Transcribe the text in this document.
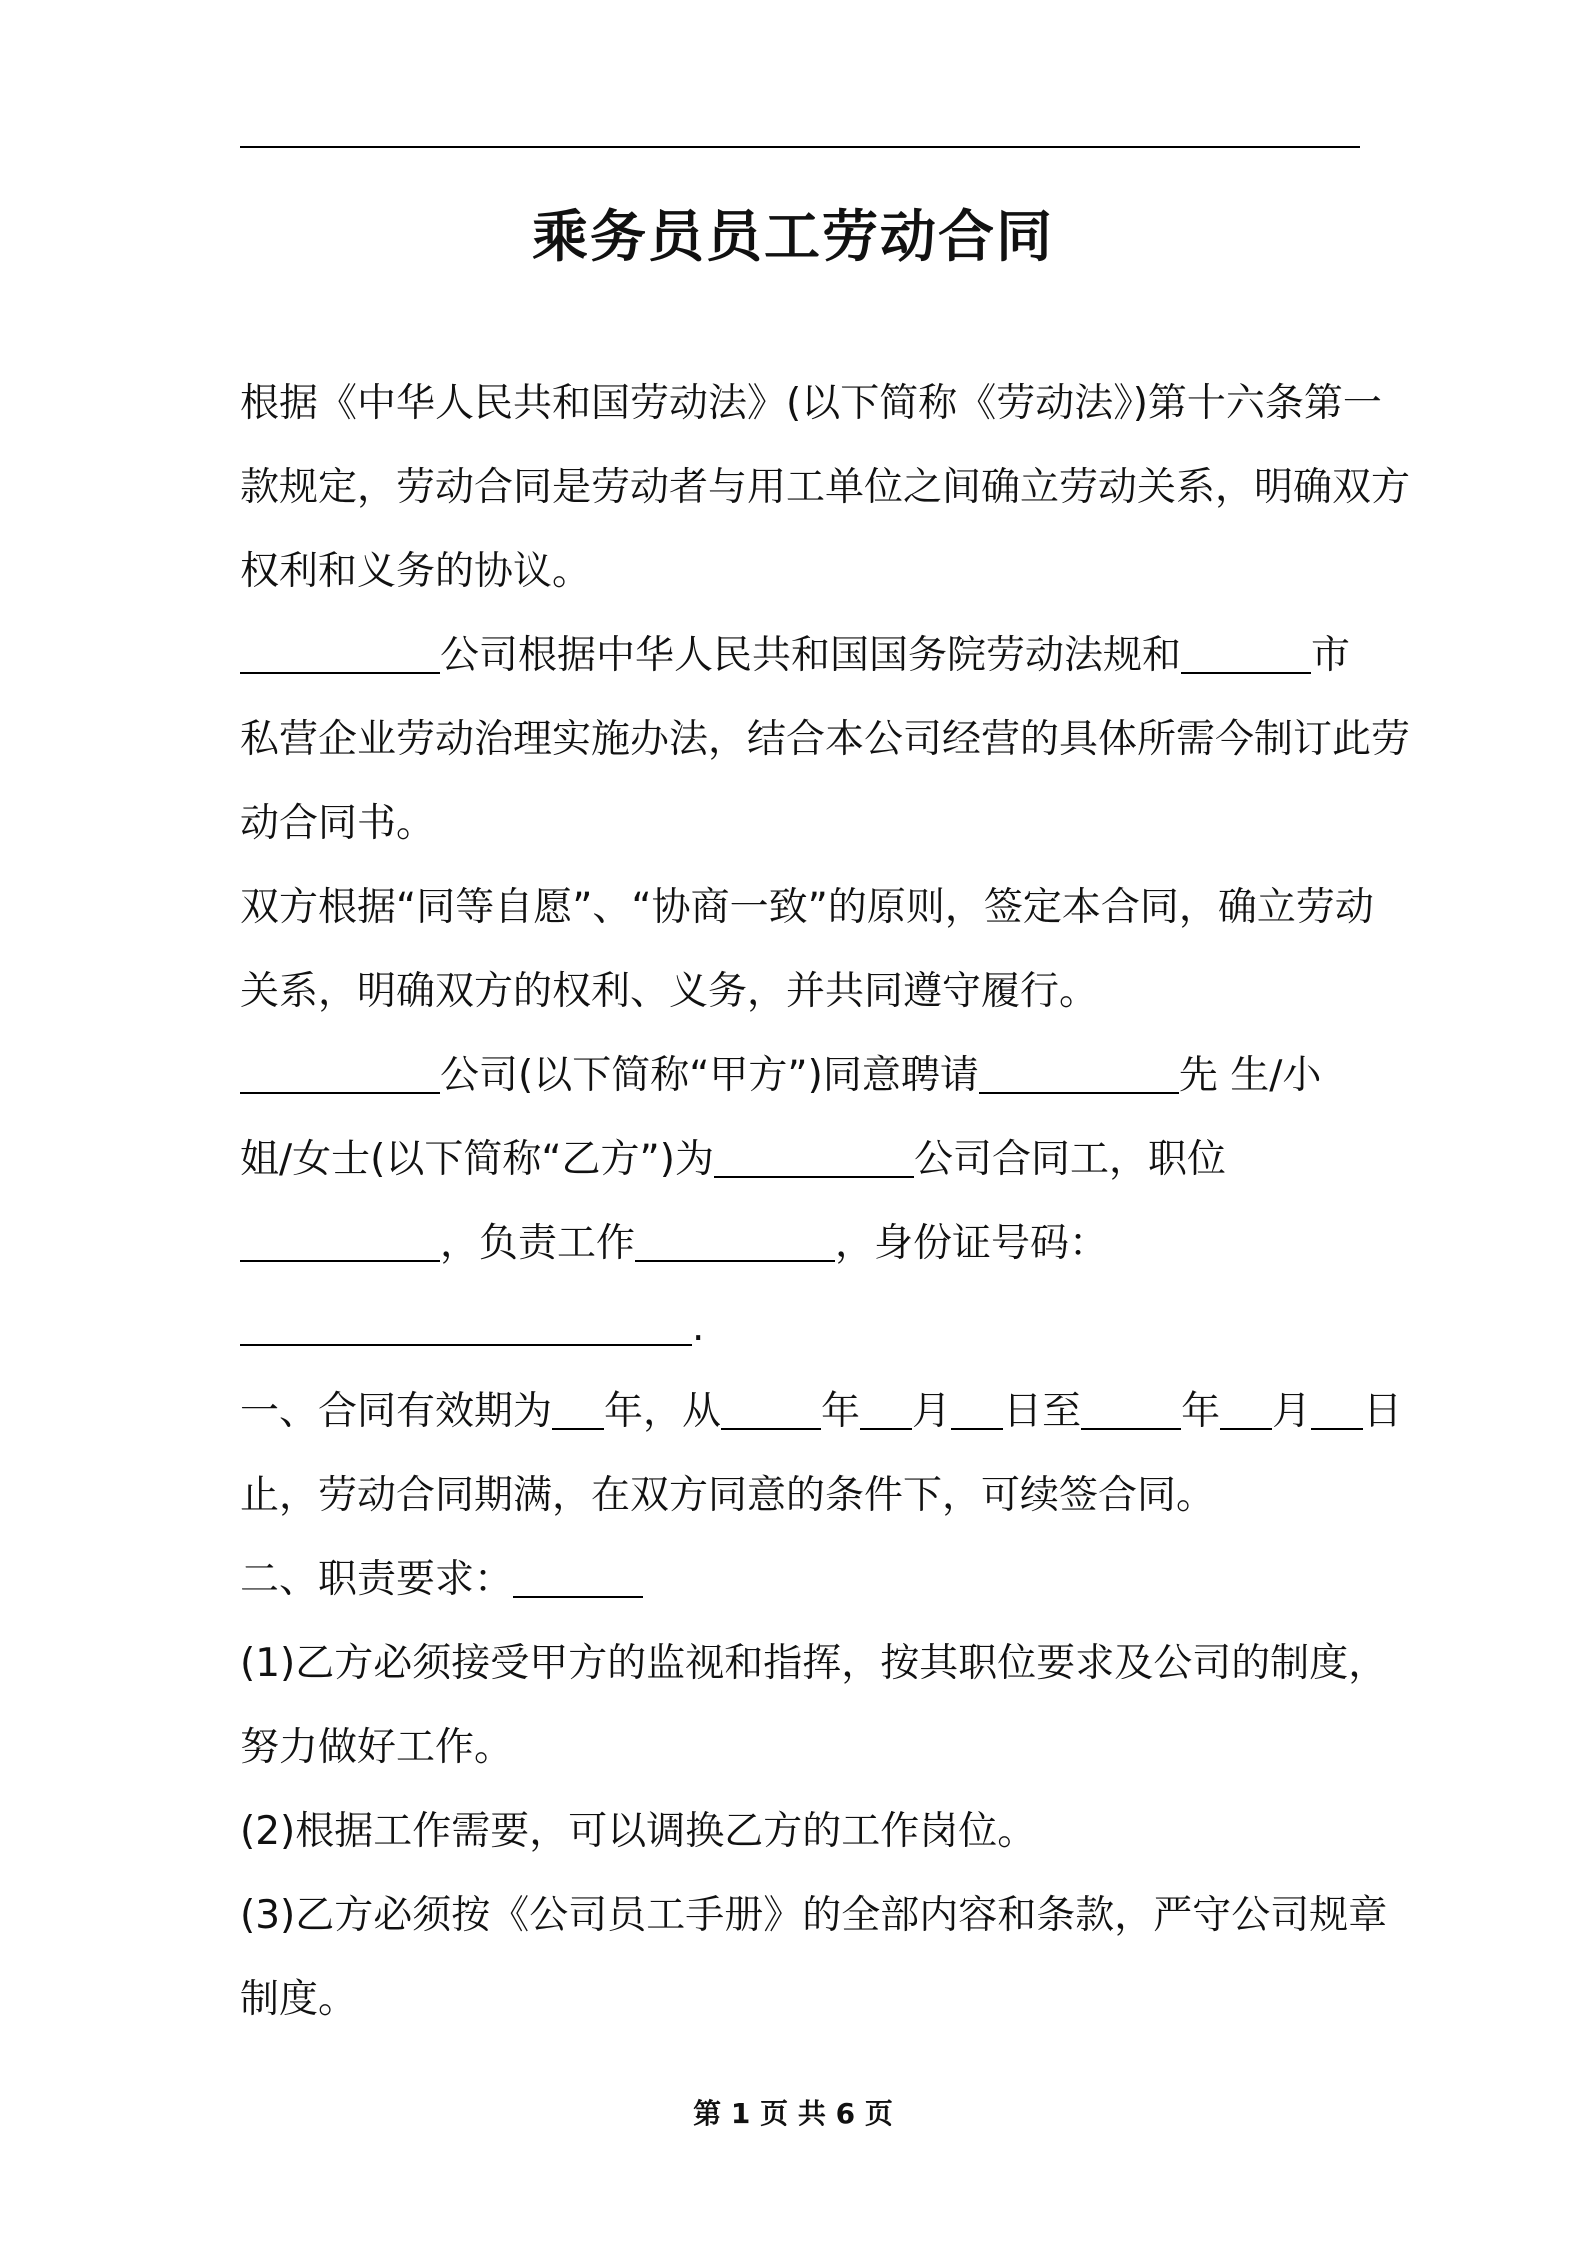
乘务员员工劳动合同
根据《中华人民共和国劳动法》(以下简称《劳动法》)第十六条第一
款规定，劳动合同是劳动者与用工单位之间确立劳动关系，明确双方
权利和义务的协议。
公司根据中华人民共和国国务院劳动法规和	市
私营企业劳动治理实施办法，结合本公司经营的具体所需今制订此劳
动合同书。
双方根据“同等自愿”、“协商一致”的原则，签定本合同，确立劳动
关系，明确双方的权利、义务，并共同遵守履行。
公司(以下简称“甲方”)同意聘请	先 生/小
姐/女士(以下简称“乙方”)为	公司合同工，职位
，负责工作	，身份证号码：
.
一、合同有效期为 年，从	年 月 日至	年 月 日
止，劳动合同期满，在双方同意的条件下，可续签合同。
二、职责要求：
(1)乙方必须接受甲方的监视和指挥，按其职位要求及公司的制度，
努力做好工作。
(2)根据工作需要，可以调换乙方的工作岗位。
(3)乙方必须按《公司员工手册》的全部内容和条款，严守公司规章
制度。
第 1 页 共 6 页
